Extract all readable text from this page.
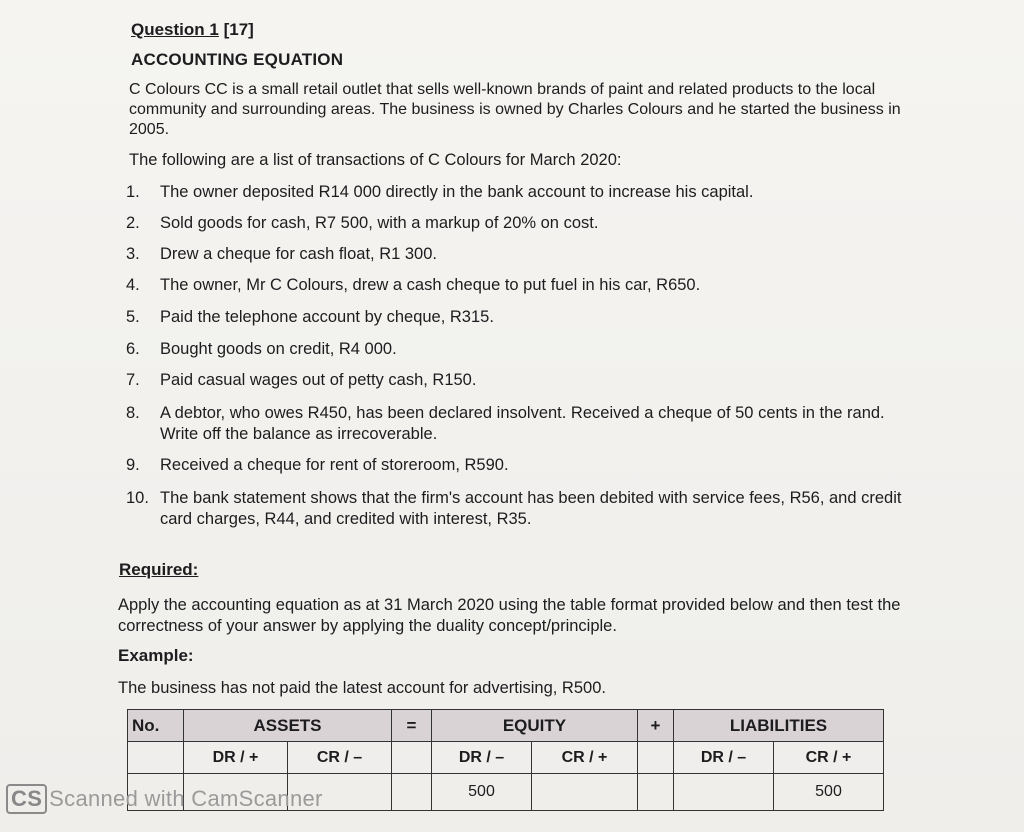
Question 1 [17]
ACCOUNTING EQUATION
C Colours CC is a small retail outlet that sells well-known brands of paint and related products to the local community and surrounding areas. The business is owned by Charles Colours and he started the business in 2005.
The following are a list of transactions of C Colours for March 2020:
1. The owner deposited R14 000 directly in the bank account to increase his capital.
2. Sold goods for cash, R7 500, with a markup of 20% on cost.
3. Drew a cheque for cash float, R1 300.
4. The owner, Mr C Colours, drew a cash cheque to put fuel in his car, R650.
5. Paid the telephone account by cheque, R315.
6. Bought goods on credit, R4 000.
7. Paid casual wages out of petty cash, R150.
8. A debtor, who owes R450, has been declared insolvent. Received a cheque of 50 cents in the rand. Write off the balance as irrecoverable.
9. Received a cheque for rent of storeroom, R590.
10. The bank statement shows that the firm's account has been debited with service fees, R56, and credit card charges, R44, and credited with interest, R35.
Required:
Apply the accounting equation as at 31 March 2020 using the table format provided below and then test the correctness of your answer by applying the duality concept/principle.
Example:
The business has not paid the latest account for advertising, R500.
No.	ASSETS		=	EQUITY		+	LIABILITIES	
	DR / +	CR / –		DR / –	CR / +		DR / –	CR / +
				500				500
CS Scanned with CamScanner
